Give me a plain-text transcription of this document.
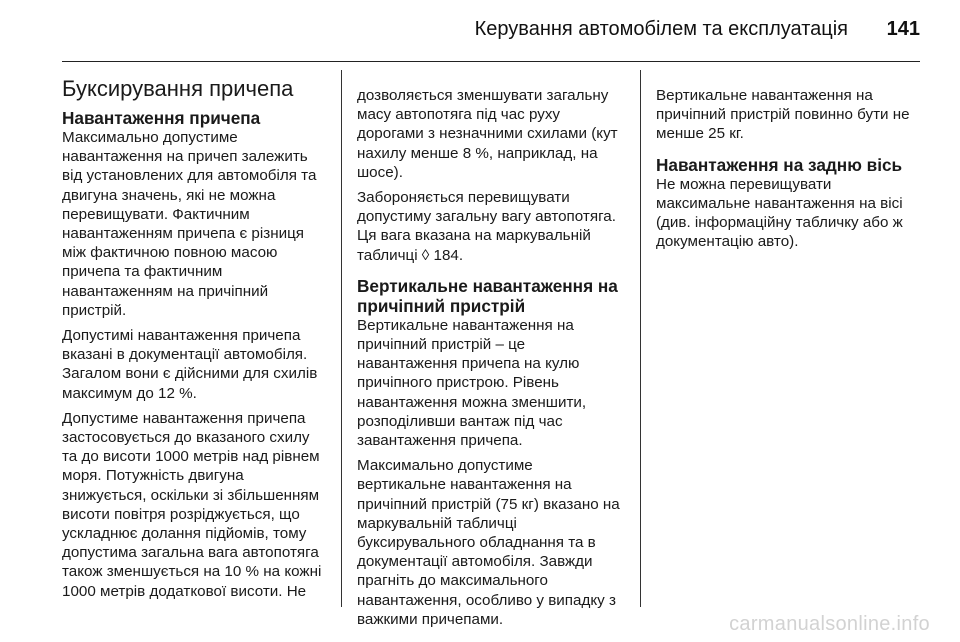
Керування автомобілем та експлуатація 141
Буксирування причепа
Навантаження причепа

Максимально допустиме навантаження на причеп залежить від установлених для автомобіля та двигуна значень, які не можна перевищувати. Фактичним навантаженням причепа є різниця між фактичною повною масою причепа та фактичним навантаженням на причіпний пристрій.

Допустимі навантаження причепа вказані в документації автомобіля. Загалом вони є дійсними для схилів максимум до 12 %.

Допустиме навантаження причепа застосовується до вказаного схилу та до висоти 1000 метрів над рівнем моря. Потужність двигуна знижується, оскільки зі збільшенням висоти повітря розріджується, що ускладнює долання підйомів, тому допустима загальна вага автопотяга також зменшується на 10 % на кожні 1000 метрів додаткової висоти. Не

дозволяється зменшувати загальну масу автопотяга під час руху дорогами з незначними схилами (кут нахилу менше 8 %, наприклад, на шосе).

Забороняється перевищувати допустиму загальну вагу автопотяга. Ця вага вказана на маркувальній табличці ◊ 184.

Вертикальне навантаження на причіпний пристрій

Вертикальне навантаження на причіпний пристрій – це навантаження причепа на кулю причіпного пристрою. Рівень навантаження можна зменшити, розподіливши вантаж під час завантаження причепа.

Максимально допустиме вертикальне навантаження на причіпний пристрій (75 кг) вказано на маркувальній табличці буксирувального обладнання та в документації автомобіля. Завжди прагніть до максимального навантаження, особливо у випадку з важкими причепами.

Вертикальне навантаження на причіпний пристрій повинно бути не менше 25 кг.

Навантаження на задню вісь

Не можна перевищувати максимальне навантаження на вісі (див. інформаційну табличку або ж документацію авто).

carmanualsonline.info
